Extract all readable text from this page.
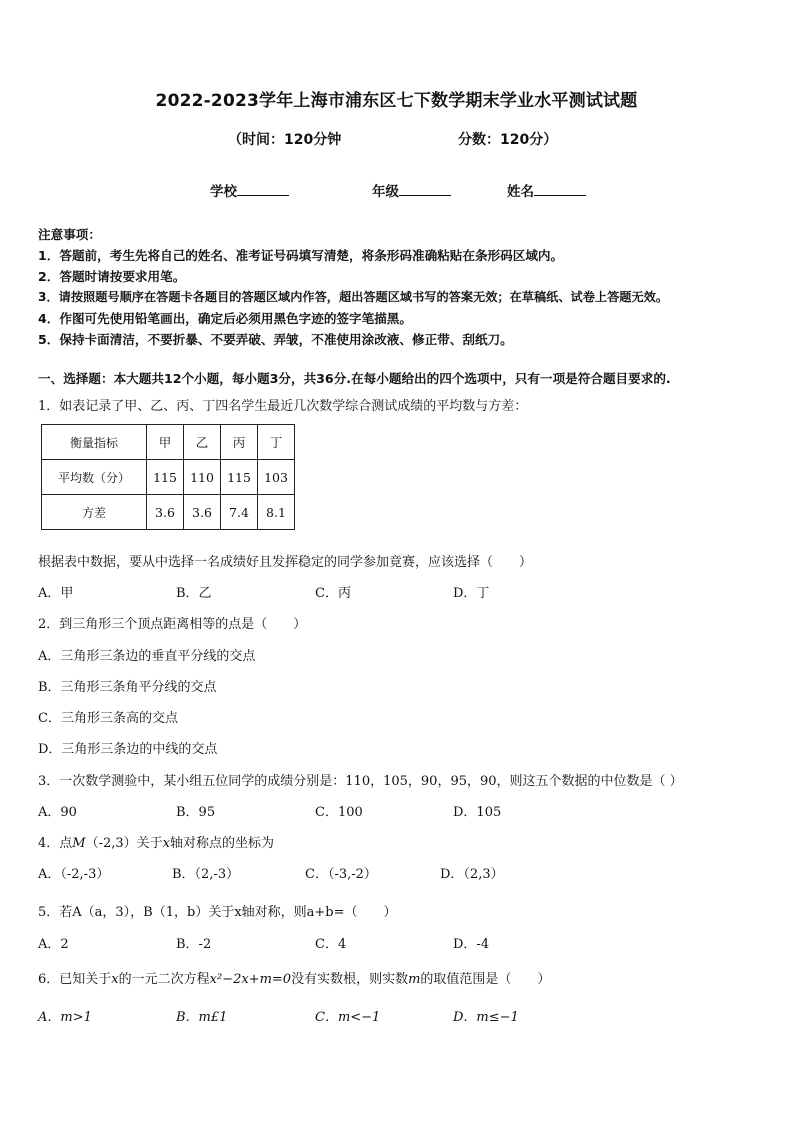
2022-2023学年上海市浦东区七下数学期末学业水平测试试题
（时间：120分钟	分数：120分）
学校	年级	姓名
注意事项：
1．答题前，考生先将自己的姓名、准考证号码填写清楚，将条形码准确粘贴在条形码区域内。
2．答题时请按要求用笔。
3．请按照题号顺序在答题卡各题目的答题区域内作答，超出答题区域书写的答案无效；在草稿纸、试卷上答题无效。
4．作图可先使用铅笔画出，确定后必须用黑色字迹的签字笔描黑。
5．保持卡面清洁，不要折暴、不要弄破、弄皱，不准使用涂改液、修正带、刮纸刀。
一、选择题：本大题共12个小题，每小题3分，共36分.在每小题给出的四个选项中，只有一项是符合题目要求的.
1．如表记录了甲、乙、丙、丁四名学生最近几次数学综合测试成绩的平均数与方差：
衡量指标	甲	乙	丙	丁
平均数（分）	115	110	115	103
方差	3.6	3.6	7.4	8.1
根据表中数据，要从中选择一名成绩好且发挥稳定的同学参加竟赛，应该选择（　　）
A．甲	B．乙	C．丙	D．丁
2．到三角形三个顶点距离相等的点是（　　）
A．三角形三条边的垂直平分线的交点
B．三角形三条角平分线的交点
C．三角形三条高的交点
D．三角形三条边的中线的交点
3．一次数学测验中，某小组五位同学的成绩分别是：110，105，90，95，90，则这五个数据的中位数是（ ）
A．90	B．95	C．100	D．105
4．点M（-2,3）关于x轴对称点的坐标为
A．（-2,-3）	B．（2,-3）	C．（-3,-2）	D．（2,3）
5．若A（a，3），B（1，b）关于x轴对称，则a+b=（　　）
A．2	B．-2	C．4	D．-4
6．已知关于x的一元二次方程x²−2x+m=0没有实数根，则实数m的取值范围是（　　）
A．m>1	B．m£1	C．m<−1	D．m≤−1
